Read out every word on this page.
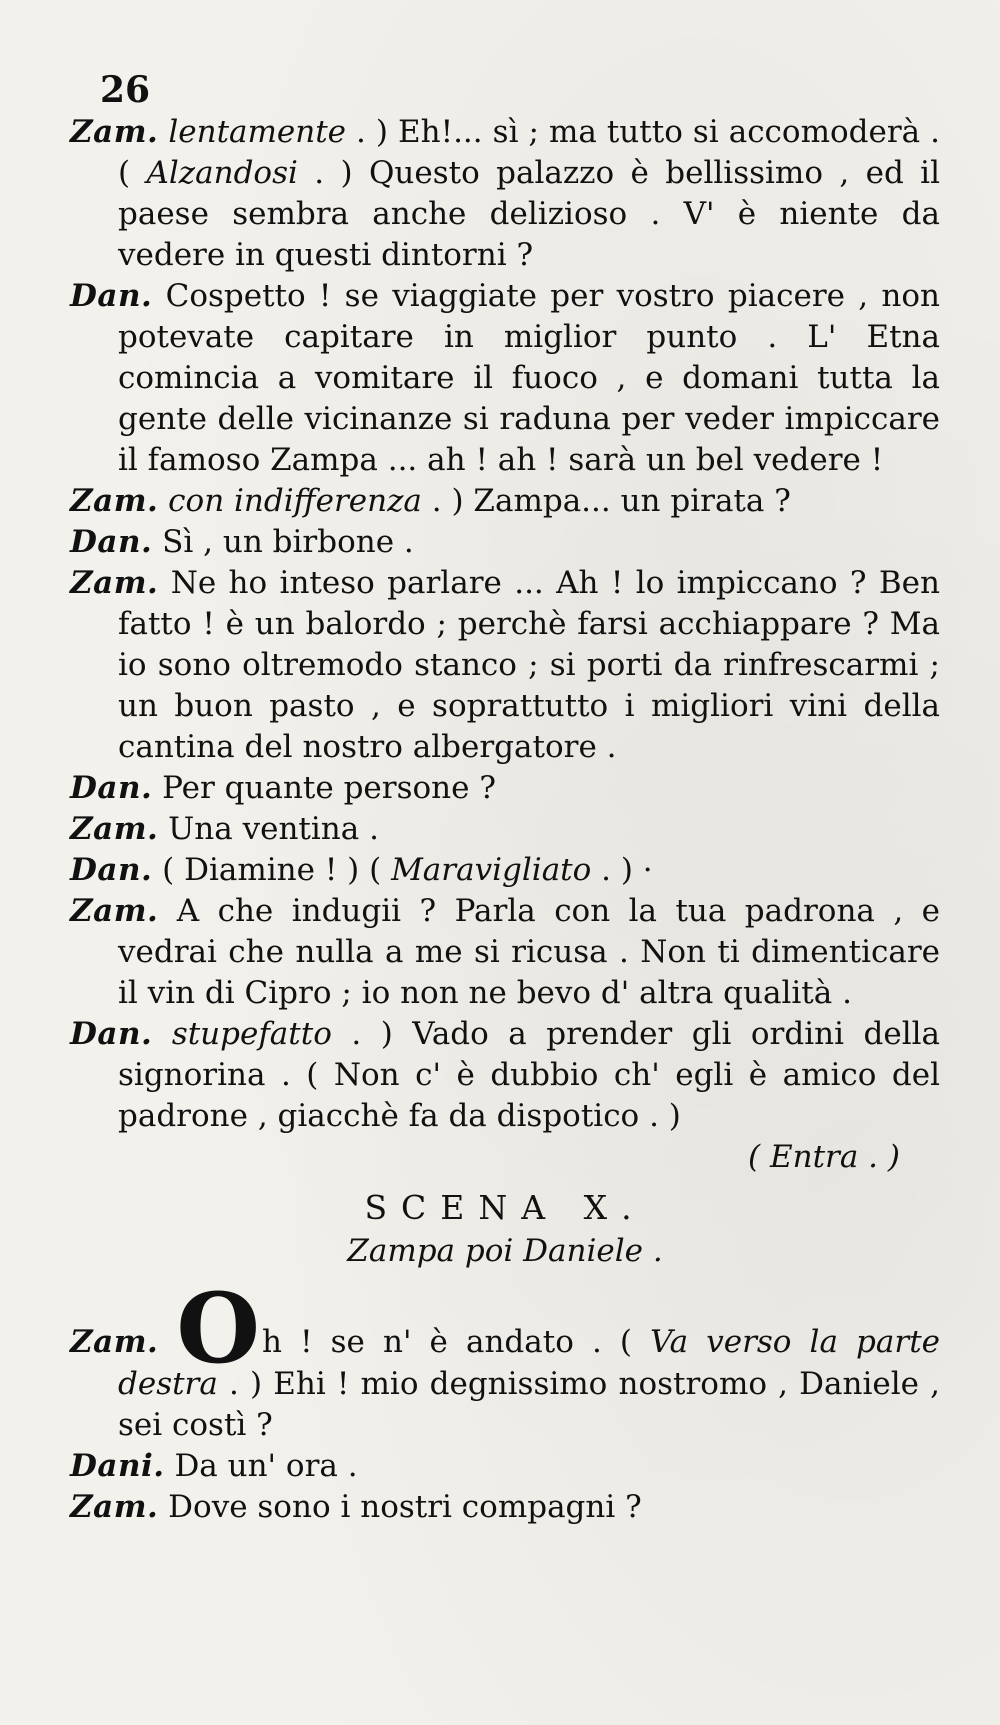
26
Zam. lentamente . ) Eh!... sì ; ma tutto si accomoderà . ( Alzandosi . ) Questo palazzo è bellissimo , ed il paese sembra anche delizioso . V' è niente da vedere in questi dintorni ?
Dan. Cospetto ! se viaggiate per vostro piacere , non potevate capitare in miglior punto . L' Etna comincia a vomitare il fuoco , e domani tutta la gente delle vicinanze si raduna per veder impiccare il famoso Zampa ... ah ! ah ! sarà un bel vedere !
Zam. con indifferenza . ) Zampa... un pirata ?
Dan. Sì , un birbone .
Zam. Ne ho inteso parlare ... Ah ! lo impiccano ? Ben fatto ! è un balordo ; perchè farsi acchiappare ? Ma io sono oltremodo stanco ; si porti da rinfrescarmi ; un buon pasto , e soprattutto i migliori vini della cantina del nostro albergatore .
Dan. Per quante persone ?
Zam. Una ventina .
Dan. ( Diamine ! ) ( Maravigliato . ) ·
Zam. A che indugii ? Parla con la tua padrona , e vedrai che nulla a me si ricusa . Non ti dimenticare il vin di Cipro ; io non ne bevo d' altra qualità .
Dan. stupefatto . ) Vado a prender gli ordini della signorina . ( Non c' è dubbio ch' egli è amico del padrone , giacchè fa da dispotico . )
( Entra . )
SCENA X.
Zampa poi Daniele .
Zam. Oh ! se n' è andato . ( Va verso la parte destra . ) Ehi ! mio degnissimo nostromo , Daniele , sei costì ?
Dani. Da un' ora .
Zam. Dove sono i nostri compagni ?
